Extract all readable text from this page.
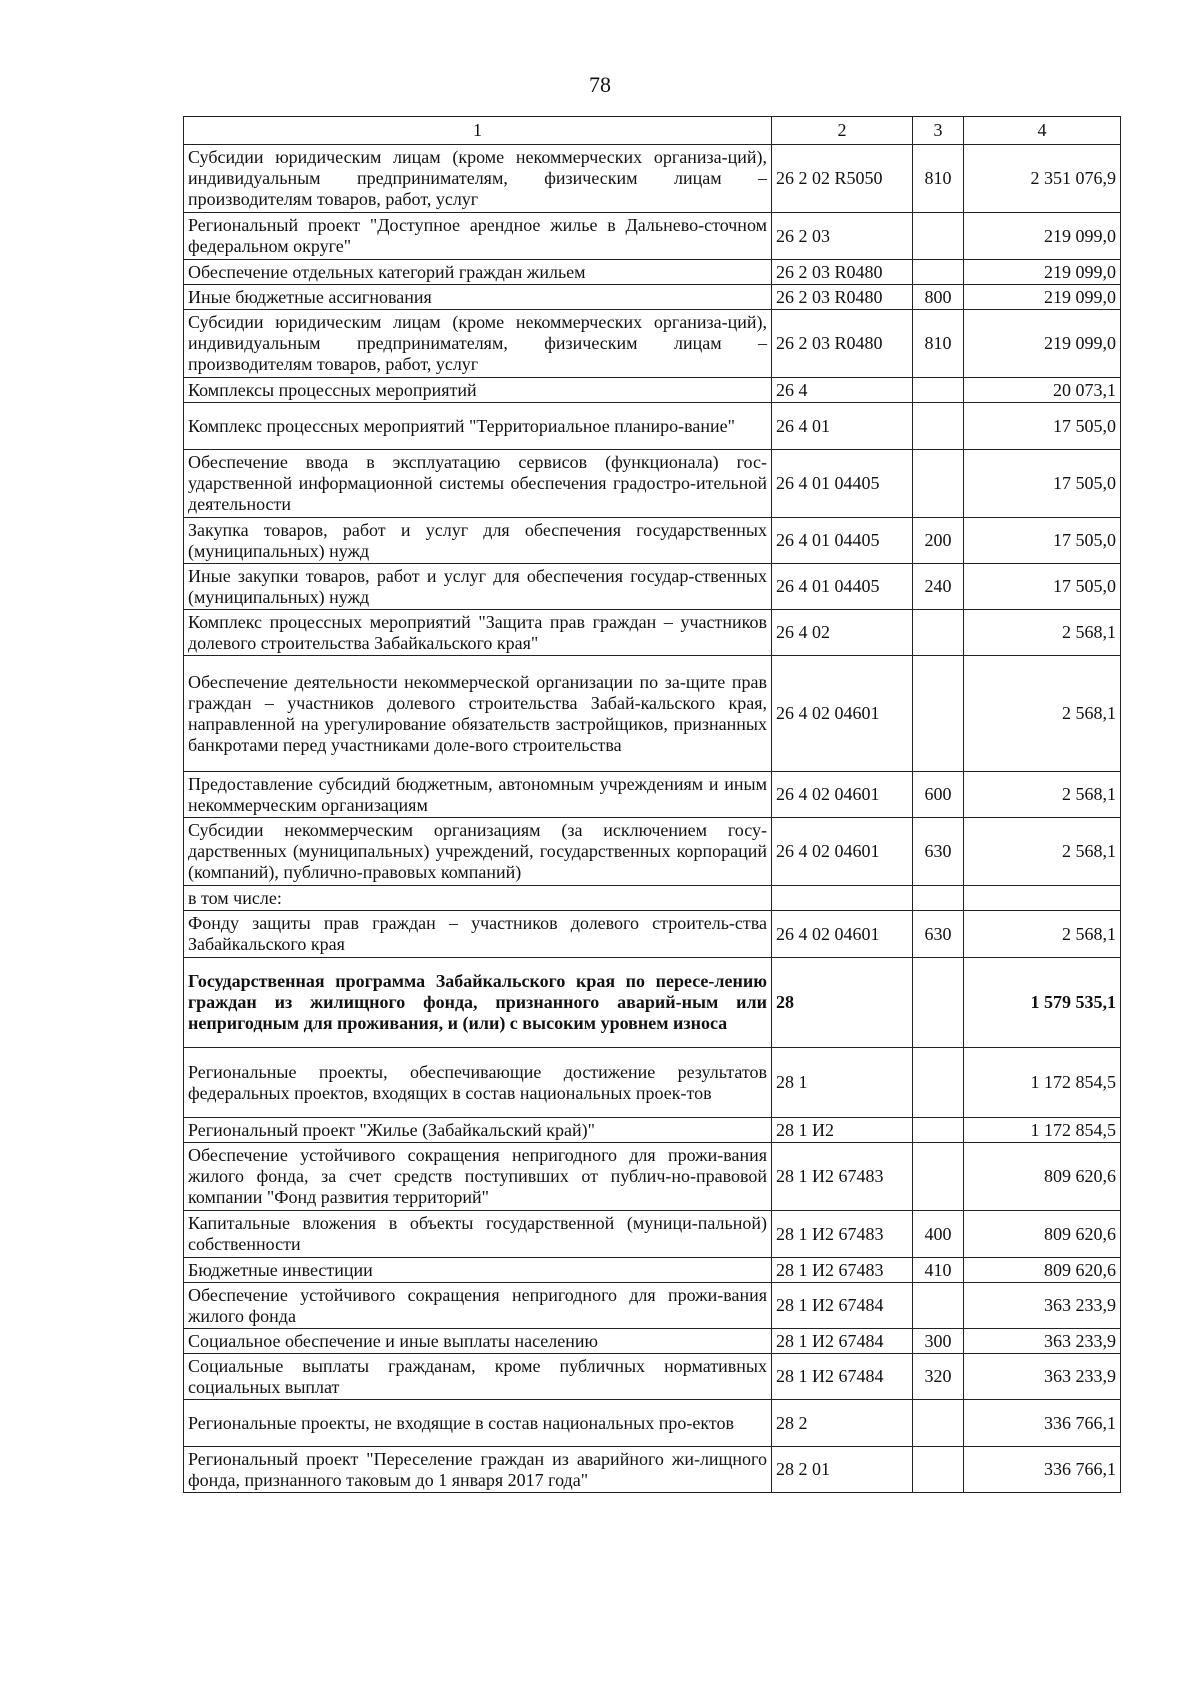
78
1	2	3	4
Субсидии юридическим лицам (кроме некоммерческих организа-ций), индивидуальным предпринимателям, физическим лицам – производителям товаров, работ, услуг	26 2 02 R5050	810	2 351 076,9
Региональный проект "Доступное арендное жилье в Дальнево-сточном федеральном округе"	26 2 03		219 099,0
Обеспечение отдельных категорий граждан жильем	26 2 03 R0480		219 099,0
Иные бюджетные ассигнования	26 2 03 R0480	800	219 099,0
Субсидии юридическим лицам (кроме некоммерческих организа-ций), индивидуальным предпринимателям, физическим лицам – производителям товаров, работ, услуг	26 2 03 R0480	810	219 099,0
Комплексы процессных мероприятий	26 4		20 073,1
Комплекс процессных мероприятий "Территориальное планиро-вание"	26 4 01		17 505,0
Обеспечение ввода в эксплуатацию сервисов (функционала) гос-ударственной информационной системы обеспечения градостро-ительной деятельности	26 4 01 04405		17 505,0
Закупка товаров, работ и услуг для обеспечения государственных (муниципальных) нужд	26 4 01 04405	200	17 505,0
Иные закупки товаров, работ и услуг для обеспечения государ-ственных (муниципальных) нужд	26 4 01 04405	240	17 505,0
Комплекс процессных мероприятий "Защита прав граждан – участников долевого строительства Забайкальского края"	26 4 02		2 568,1
Обеспечение деятельности некоммерческой организации по за-щите прав граждан – участников долевого строительства Забай-кальского края, направленной на урегулирование обязательств застройщиков, признанных банкротами перед участниками доле-вого строительства	26 4 02 04601		2 568,1
Предоставление субсидий бюджетным, автономным учреждениям и иным некоммерческим организациям	26 4 02 04601	600	2 568,1
Субсидии некоммерческим организациям (за исключением госу-дарственных (муниципальных) учреждений, государственных корпораций (компаний), публично-правовых компаний)	26 4 02 04601	630	2 568,1
в том числе:			
Фонду защиты прав граждан – участников долевого строитель-ства Забайкальского края	26 4 02 04601	630	2 568,1
Государственная программа Забайкальского края по пересе-лению граждан из жилищного фонда, признанного аварий-ным или непригодным для проживания, и (или) с высоким уровнем износа	28		1 579 535,1
Региональные проекты, обеспечивающие достижение результатов федеральных проектов, входящих в состав национальных проек-тов	28 1		1 172 854,5
Региональный проект "Жилье (Забайкальский край)"	28 1 И2		1 172 854,5
Обеспечение устойчивого сокращения непригодного для прожи-вания жилого фонда, за счет средств поступивших от публич-но-правовой компании "Фонд развития территорий"	28 1 И2 67483		809 620,6
Капитальные вложения в объекты государственной (муници-пальной) собственности	28 1 И2 67483	400	809 620,6
Бюджетные инвестиции	28 1 И2 67483	410	809 620,6
Обеспечение устойчивого сокращения непригодного для прожи-вания жилого фонда	28 1 И2 67484		363 233,9
Социальное обеспечение и иные выплаты населению	28 1 И2 67484	300	363 233,9
Социальные выплаты гражданам, кроме публичных нормативных социальных выплат	28 1 И2 67484	320	363 233,9
Региональные проекты, не входящие в состав национальных про-ектов	28 2		336 766,1
Региональный проект "Переселение граждан из аварийного жи-лищного фонда, признанного таковым до 1 января 2017 года"	28 2 01		336 766,1
